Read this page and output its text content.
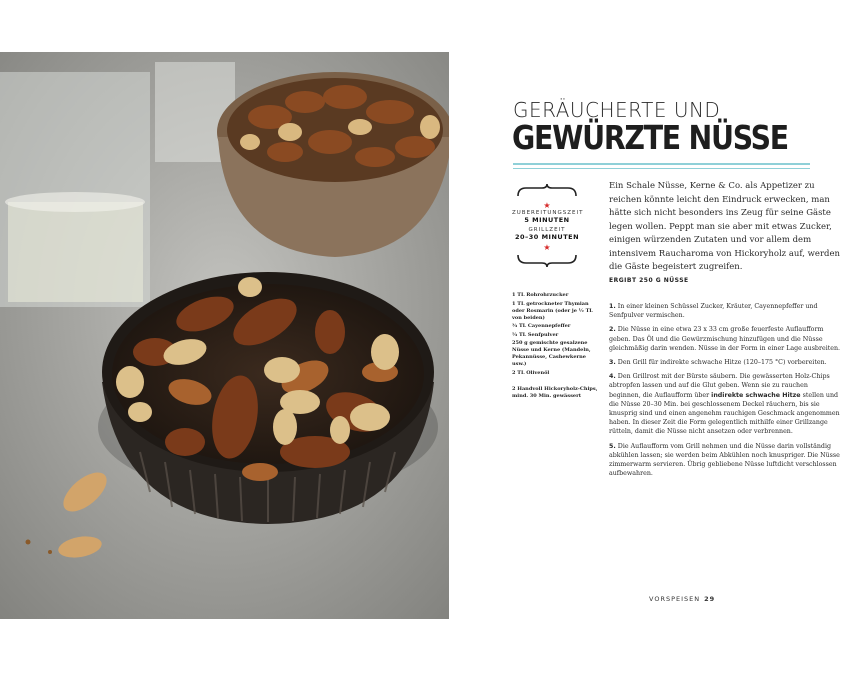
GERÄUCHERTE UND
GEWÜRZTE NÜSSE
★
ZUBEREITUNGSZEIT
5 MINUTEN
GRILLZEIT
20–30 MINUTEN
★
Ein Schale Nüsse, Kerne & Co. als Appetizer zu reichen könnte leicht den Eindruck erwecken, man hätte sich nicht besonders ins Zeug für seine Gäste legen wollen. Peppt man sie aber mit etwas Zucker, einigen würzenden Zutaten und vor allem dem intensivem Raucharoma von Hickoryholz auf, werden die Gäste begeistert zugreifen.
ERGIBT 250 G NÜSSE
1 TL Rohrohrzucker
1 TL getrockneter Thymian oder Rosmarin (oder je ½ TL von beiden)
¾ TL Cayennepfeffer
¼ TL Senfpulver
250 g gemischte gesalzene Nüsse und Kerne (Mandeln, Pekannüsse, Cashewkerne usw.)
2 TL Olivenöl
2 Handvoll Hickoryholz-Chips, mind. 30 Min. gewässert
1. In einer kleinen Schüssel Zucker, Kräuter, Cayennepfeffer und Senfpulver vermischen.
2. Die Nüsse in eine etwa 23 x 33 cm große feuerfeste Auflaufform geben. Das Öl und die Gewürzmischung hinzufügen und die Nüsse gleichmäßig darin wenden. Nüsse in der Form in einer Lage ausbreiten.
3. Den Grill für indirekte schwache Hitze (120–175 °C) vorbereiten.
4. Den Grillrost mit der Bürste säubern. Die gewässerten Holz-Chips abtropfen lassen und auf die Glut geben. Wenn sie zu rauchen beginnen, die Auflaufform über indirekte schwache Hitze stellen und die Nüsse 20–30 Min. bei geschlossenem Deckel räuchern, bis sie knusprig sind und einen angenehm rauchigen Geschmack angenommen haben. In dieser Zeit die Form gelegentlich mithilfe einer Grillzange rütteln, damit die Nüsse nicht ansetzen oder verbrennen.
5. Die Auflaufform vom Grill nehmen und die Nüsse darin vollständig abkühlen lassen; sie werden beim Abkühlen noch knuspriger. Die Nüsse zimmerwarm servieren. Übrig gebliebene Nüsse luftdicht verschlossen aufbewahren.
VORSPEISEN 29
